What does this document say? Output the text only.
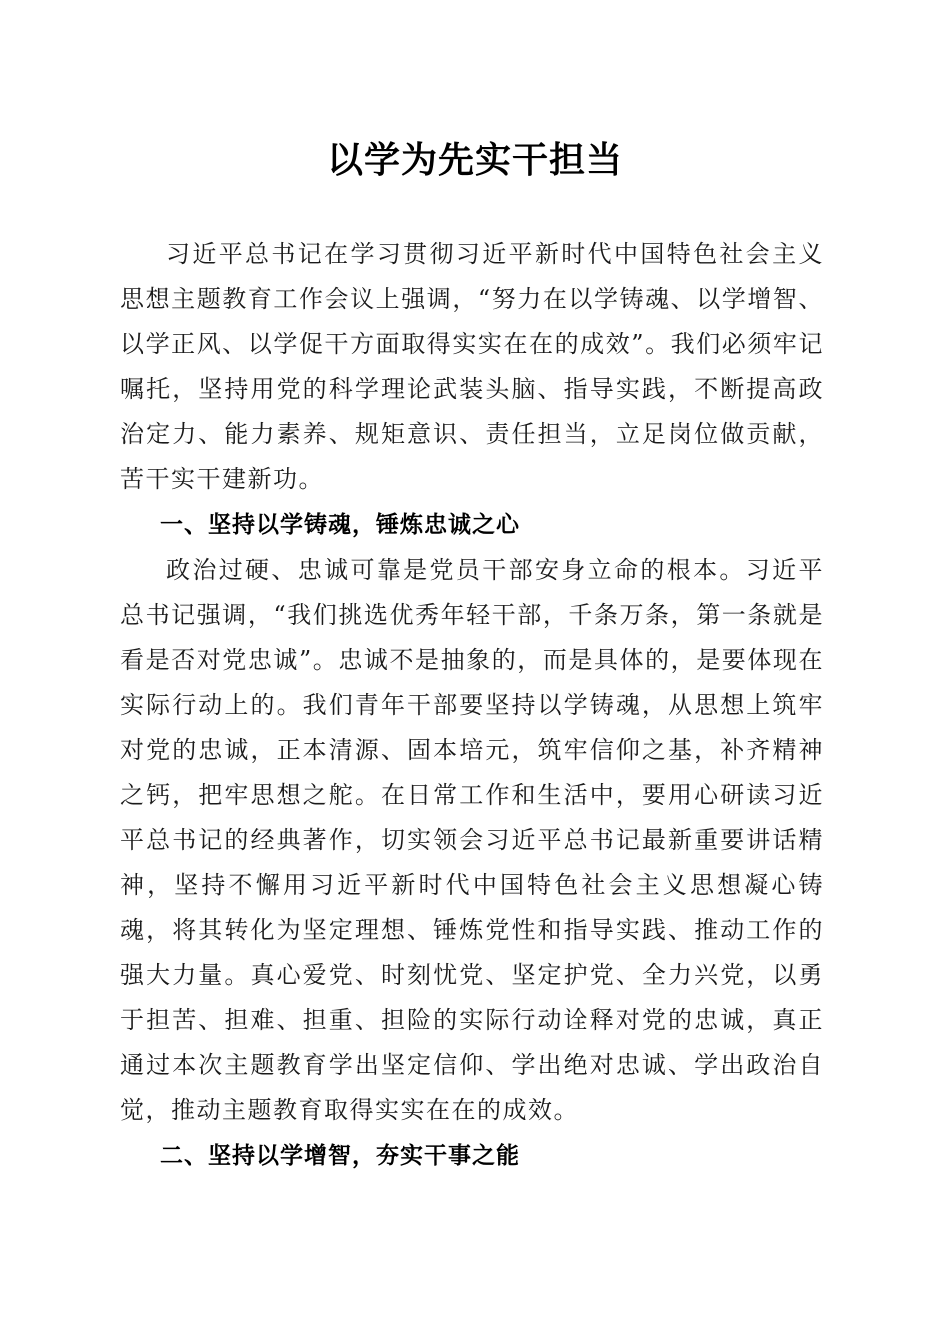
以学为先实干担当

习近平总书记在学习贯彻习近平新时代中国特色社会主义思想主题教育工作会议上强调，“努力在以学铸魂、以学增智、以学正风、以学促干方面取得实实在在的成效”。我们必须牢记嘱托，坚持用党的科学理论武装头脑、指导实践，不断提高政治定力、能力素养、规矩意识、责任担当，立足岗位做贡献，苦干实干建新功。

一、坚持以学铸魂，锤炼忠诚之心

政治过硬、忠诚可靠是党员干部安身立命的根本。习近平总书记强调，“我们挑选优秀年轻干部，千条万条，第一条就是看是否对党忠诚”。忠诚不是抽象的，而是具体的，是要体现在实际行动上的。我们青年干部要坚持以学铸魂，从思想上筑牢对党的忠诚，正本清源、固本培元，筑牢信仰之基，补齐精神之钙，把牢思想之舵。在日常工作和生活中，要用心研读习近平总书记的经典著作，切实领会习近平总书记最新重要讲话精神，坚持不懈用习近平新时代中国特色社会主义思想凝心铸魂，将其转化为坚定理想、锤炼党性和指导实践、推动工作的强大力量。真心爱党、时刻忧党、坚定护党、全力兴党，以勇于担苦、担难、担重、担险的实际行动诠释对党的忠诚，真正通过本次主题教育学出坚定信仰、学出绝对忠诚、学出政治自觉，推动主题教育取得实实在在的成效。

二、坚持以学增智，夯实干事之能
